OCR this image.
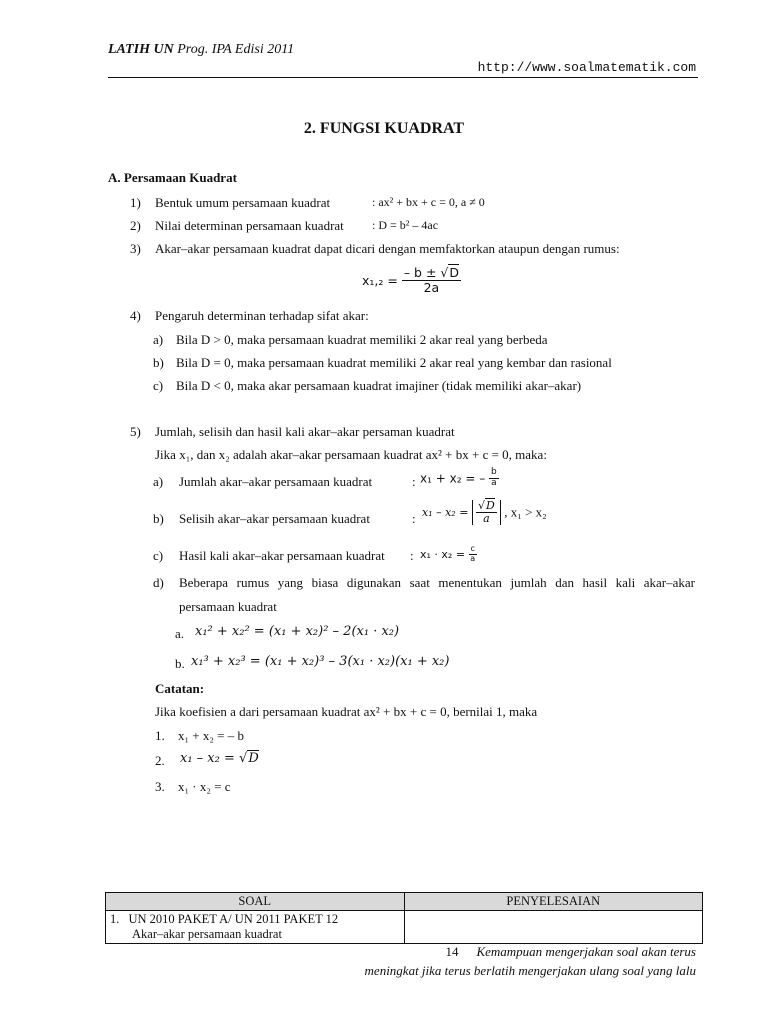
LATIH UN Prog. IPA Edisi 2011
http://www.soalmatematik.com
2. FUNGSI KUADRAT
A. Persamaan Kuadrat
1) Bentuk umum persamaan kuadrat	: ax² + bx + c = 0, a ≠ 0
2) Nilai determinan persamaan kuadrat : D = b² – 4ac
3) Akar–akar persamaan kuadrat dapat dicari dengan memfaktorkan ataupun dengan rumus:
$x_1,_2 = \frac{- b \pm √D}{2a}$
4) Pengaruh determinan terhadap sifat akar:
a) Bila D > 0, maka persamaan kuadrat memiliki 2 akar real yang berbeda
b) Bila D = 0, maka persamaan kuadrat memiliki 2 akar real yang kembar dan rasional
c) Bila D < 0, maka akar persamaan kuadrat imajiner (tidak memiliki akar–akar)
5) Jumlah, selisih dan hasil kali akar–akar persaman kuadrat
Jika x₁, dan x₂ adalah akar–akar persamaan kuadrat ax² + bx + c = 0, maka:
a) Jumlah akar–akar persamaan kuadrat	: x₁ + x₂ = – $\frac{b}{a}$
b) Selisih akar–akar persamaan kuadrat	: $x_1 - x_2 = \frac{√D}{a}$ , x₁ > x₂
c) Hasil kali akar–akar persamaan kuadrat : $x_1 \cdot x_2 = \frac{c}{a}$
d) Beberapa rumus yang biasa digunakan saat menentukan jumlah dan hasil kali akar–akar
persamaan kuadrat
a. x₁² + x₂² = (x₁ + x₂)² – 2(x₁ · x₂)
b. x₁³ + x₂³ = (x₁ + x₂)³ – 3(x₁ · x₂)(x₁ + x₂)
Catatan:
Jika koefisien a dari persamaan kuadrat ax² + bx + c = 0, bernilai 1, maka
1. x₁ + x₂ = – b
2. x₁ – x₂ = √D
3. x₁ · x₂ = c
SOAL	PENYELESAIAN

1. UN 2010 PAKET A/ UN 2011 PAKET 12
Akar–akar persamaan kuadrat	

14 Kemampuan mengerjakan soal akan terus
meningkat jika terus berlatih mengerjakan ulang soal yang lalu
